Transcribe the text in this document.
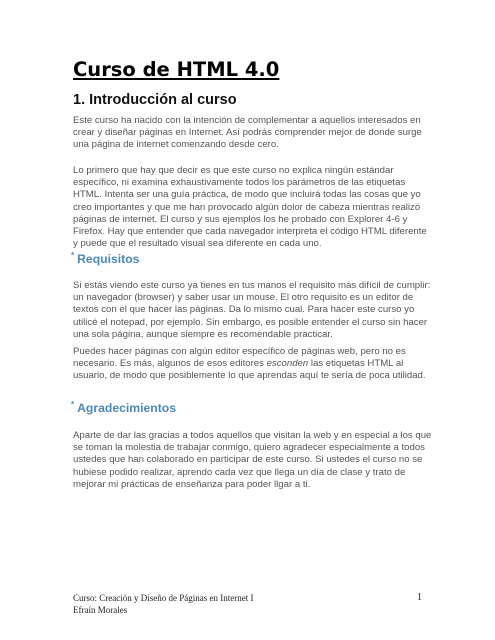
Curso de HTML 4.0
1. Introducción al curso

Este curso ha nacido con la intención de complementar a aquellos interesados en crear y diseñar páginas en Internet. Así podrás comprender mejor de donde surge una página de internet comenzando desde cero.

Lo primero que hay que decir es que este curso no explica ningún estándar específico, ni examina exhaustivamente todos los parámetros de las etiquetas HTML. Intenta ser una guía práctica, de modo que incluirá todas las cosas que yo creo importantes y que me han provocado algún dolor de cabeza mientras realizó páginas de internet. El curso y sus ejemplos los he probado con Explorer 4-6 y Firefox. Hay que entender que cada navegador interpreta el código HTML diferente y puede que el resultado visual sea diferente en cada uno.

* Requisitos

Si estás viendo este curso ya tienes en tus manos el requisito más difícil de cumplir: un navegador (browser) y saber usar un mouse. El otro requisito es un editor de textos con el que hacer las páginas. Da lo mismo cual. Para hacer este curso yo utilicé el notepad, por ejemplo. Sin embargo, es posible entender el curso sin hacer una sola página, aunque siempre es recomendable practicar.

Puedes hacer páginas con algún editor específico de páginas web, pero no es necesario. Es más, algunos de esos editores esconden las etiquetas HTML al usuario, de modo que posiblemente lo que aprendas aquí te sería de poca utilidad.

* Agradecimientos

Aparte de dar las gracias a todos aquellos que visitan la web y en especial a los que se toman la molestia de trabajar conmigo, quiero agradecer especialmente a todos ustedes que han colaborado en participar de este curso. Si ustedes el curso no se hubiese podido realizar, aprendo cada vez que llega un día de clase y trato de mejorar mi prácticas de enseñanza para poder llgar a ti.

Curso: Creación y Diseño de Páginas en Internet I
Efraín Morales
1
